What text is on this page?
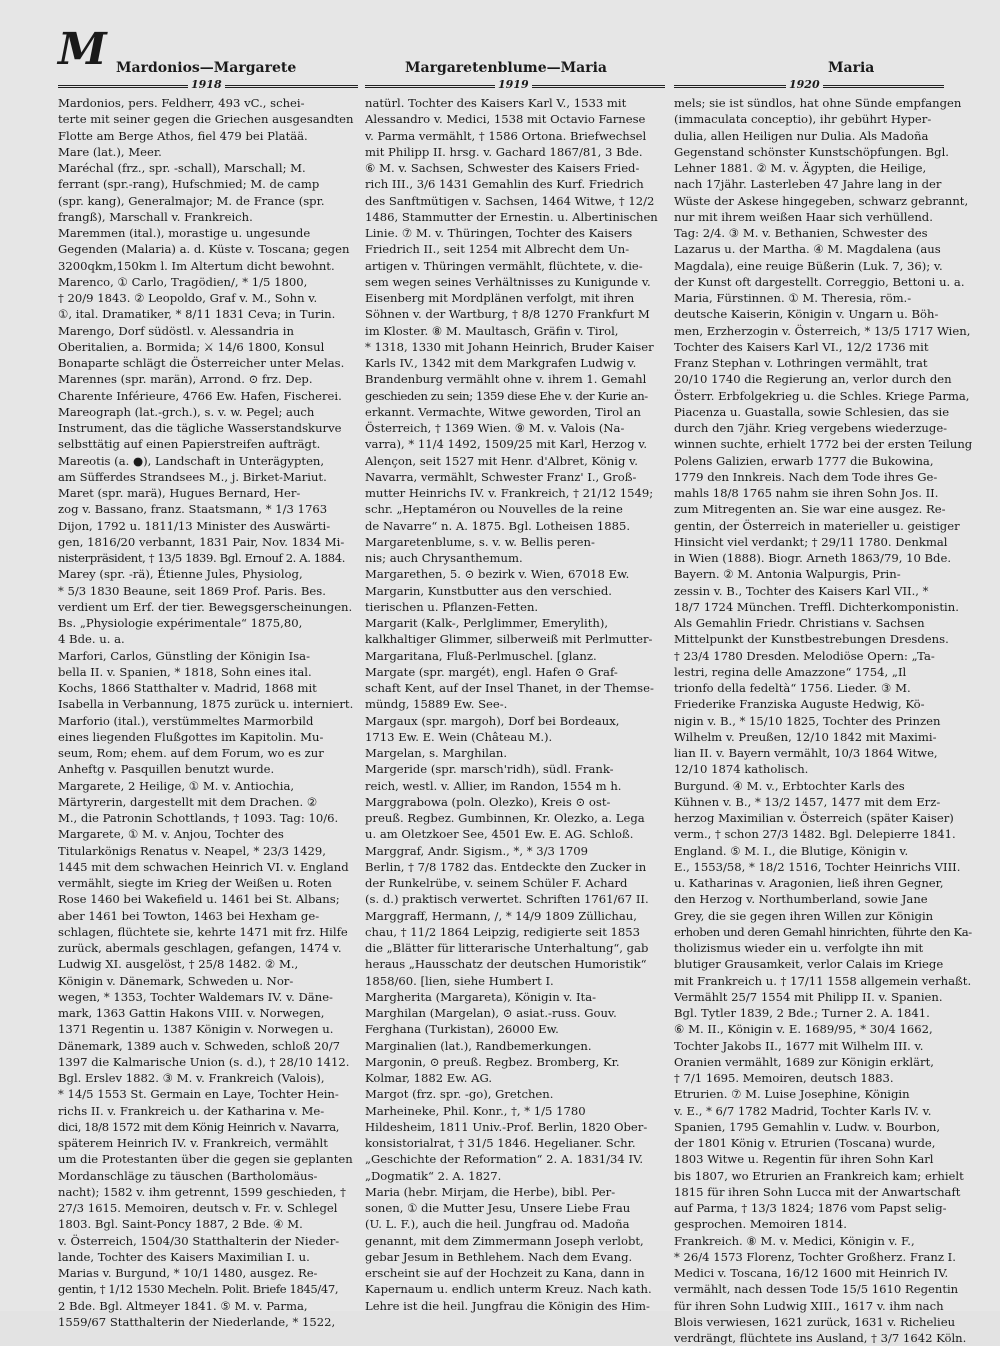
M Mardonios—Margarete	Margaretenblume—Maria	Maria
1918	1919	1920

Mardonios, pers. Feldherr, 493 vC., schei-

terte mit seiner gegen die Griechen ausgesandten

Flotte am Berge Athos, fiel 479 bei Platää.

Mare (lat.), Meer.

Maréchal (frz., spr. -schall), Marschall; M.

ferrant (spr.-rang), Hufschmied; M. de camp

(spr. kang), Generalmajor; M. de France (spr.

frangß), Marschall v. Frankreich.

Maremmen (ital.), morastige u. ungesunde

Gegenden (Malaria) a. d. Küste v. Toscana; gegen

3200qkm,150km l. Im Altertum dicht bewohnt.

Marenco, ① Carlo, Tragödien/, * 1/5 1800,

† 20/9 1843. ② Leopoldo, Graf v. M., Sohn v.

①, ital. Dramatiker, * 8/11 1831 Ceva; in Turin.

Marengo, Dorf südöstl. v. Alessandria in

Oberitalien, a. Bormida; ⚔ 14/6 1800, Konsul

Bonaparte schlägt die Österreicher unter Melas.

Marennes (spr. marän), Arrond. ⊙ frz. Dep.

Charente Inférieure, 4766 Ew. Hafen, Fischerei.

Mareograph (lat.-grch.), s. v. w. Pegel; auch

Instrument, das die tägliche Wasserstandskurve

selbsttätig auf einen Papierstreifen aufträgt.

Mareotis (a. ●), Landschaft in Unterägypten,

am Süfferdes Strandsees M., j. Birket-Mariut.

Maret (spr. marä), Hugues Bernard, Her-

zog v. Bassano, franz. Staatsmann, * 1/3 1763

Dijon, 1792 u. 1811/13 Minister des Auswärti-

gen, 1816/20 verbannt, 1831 Pair, Nov. 1834 Mi-

nisterpräsident, † 13/5 1839. Bgl. Ernouf 2. A. 1884.

Marey (spr. -rä), Étienne Jules, Physiolog,

* 5/3 1830 Beaune, seit 1869 Prof. Paris. Bes.

verdient um Erf. der tier. Bewegsgerscheinungen.

Bs. „Physiologie expérimentale“ 1875,80,

4 Bde. u. a.

Marfori, Carlos, Günstling der Königin Isa-

bella II. v. Spanien, * 1818, Sohn eines ital.

Kochs, 1866 Statthalter v. Madrid, 1868 mit

Isabella in Verbannung, 1875 zurück u. interniert.

Marforio (ital.), verstümmeltes Marmorbild

eines liegenden Flußgottes im Kapitolin. Mu-

seum, Rom; ehem. auf dem Forum, wo es zur

Anheftg v. Pasquillen benutzt wurde.

Margarete, 2 Heilige, ① M. v. Antiochia,

Märtyrerin, dargestellt mit dem Drachen. ②

M., die Patronin Schottlands, † 1093. Tag: 10/6.

Margarete, ① M. v. Anjou, Tochter des

Titularkönigs Renatus v. Neapel, * 23/3 1429,

1445 mit dem schwachen Heinrich VI. v. England

vermählt, siegte im Krieg der Weißen u. Roten

Rose 1460 bei Wakefield u. 1461 bei St. Albans;

aber 1461 bei Towton, 1463 bei Hexham ge-

schlagen, flüchtete sie, kehrte 1471 mit frz. Hilfe

zurück, abermals geschlagen, gefangen, 1474 v.

Ludwig XI. ausgelöst, † 25/8 1482. ② M.,

Königin v. Dänemark, Schweden u. Nor-

wegen, * 1353, Tochter Waldemars IV. v. Däne-

mark, 1363 Gattin Hakons VIII. v. Norwegen,

1371 Regentin u. 1387 Königin v. Norwegen u.

Dänemark, 1389 auch v. Schweden, schloß 20/7

1397 die Kalmarische Union (s. d.), † 28/10 1412.

Bgl. Erslev 1882. ③ M. v. Frankreich (Valois),

* 14/5 1553 St. Germain en Laye, Tochter Hein-

richs II. v. Frankreich u. der Katharina v. Me-

dici, 18/8 1572 mit dem König Heinrich v. Navarra,

späterem Heinrich IV. v. Frankreich, vermählt

um die Protestanten über die gegen sie geplanten

Mordanschläge zu täuschen (Bartholomäus-

nacht); 1582 v. ihm getrennt, 1599 geschieden, †

27/3 1615. Memoiren, deutsch v. Fr. v. Schlegel

1803. Bgl. Saint-Poncy 1887, 2 Bde. ④ M.

v. Österreich, 1504/30 Statthalterin der Nieder-

lande, Tochter des Kaisers Maximilian I. u.

Marias v. Burgund, * 10/1 1480, ausgez. Re-

gentin, † 1/12 1530 Mecheln. Polit. Briefe 1845/47,

2 Bde. Bgl. Altmeyer 1841. ⑤ M. v. Parma,

1559/67 Statthalterin der Niederlande, * 1522,

natürl. Tochter des Kaisers Karl V., 1533 mit

Alessandro v. Medici, 1538 mit Octavio Farnese

v. Parma vermählt, † 1586 Ortona. Briefwechsel

mit Philipp II. hrsg. v. Gachard 1867/81, 3 Bde.

⑥ M. v. Sachsen, Schwester des Kaisers Fried-

rich III., 3/6 1431 Gemahlin des Kurf. Friedrich

des Sanftmütigen v. Sachsen, 1464 Witwe, † 12/2

1486, Stammutter der Ernestin. u. Albertinischen

Linie. ⑦ M. v. Thüringen, Tochter des Kaisers

Friedrich II., seit 1254 mit Albrecht dem Un-

artigen v. Thüringen vermählt, flüchtete, v. die-

sem wegen seines Verhältnisses zu Kunigunde v.

Eisenberg mit Mordplänen verfolgt, mit ihren

Söhnen v. der Wartburg, † 8/8 1270 Frankfurt M

im Kloster. ⑧ M. Maultasch, Gräfin v. Tirol,

* 1318, 1330 mit Johann Heinrich, Bruder Kaiser

Karls IV., 1342 mit dem Markgrafen Ludwig v.

Brandenburg vermählt ohne v. ihrem 1. Gemahl

geschieden zu sein; 1359 diese Ehe v. der Kurie an-

erkannt. Vermachte, Witwe geworden, Tirol an

Österreich, † 1369 Wien. ⑨ M. v. Valois (Na-

varra), * 11/4 1492, 1509/25 mit Karl, Herzog v.

Alençon, seit 1527 mit Henr. d'Albret, König v.

Navarra, vermählt, Schwester Franz' I., Groß-

mutter Heinrichs IV. v. Frankreich, † 21/12 1549;

schr. „Heptaméron ou Nouvelles de la reine

de Navarre“ n. A. 1875. Bgl. Lotheisen 1885.

Margaretenblume, s. v. w. Bellis peren-

nis; auch Chrysanthemum.

Margarethen, 5. ⊙ bezirk v. Wien, 67018 Ew.

Margarin, Kunstbutter aus den verschied.

tierischen u. Pflanzen-Fetten.

Margarit (Kalk-, Perlglimmer, Emerylith),

kalkhaltiger Glimmer, silberweiß mit Perlmutter-

Margaritana, Fluß-Perlmuschel. [glanz.

Margate (spr. margét), engl. Hafen ⊙ Graf-

schaft Kent, auf der Insel Thanet, in der Themse-

mündg, 15889 Ew. See-.

Margaux (spr. margoh), Dorf bei Bordeaux,

1713 Ew. E. Wein (Château M.).

Margelan, s. Marghilan.

Margeride (spr. marsch'ridh), südl. Frank-

reich, westl. v. Allier, im Randon, 1554 m h.

Marggrabowa (poln. Olezko), Kreis ⊙ ost-

preuß. Regbez. Gumbinnen, Kr. Olezko, a. Lega

u. am Oletzkoer See, 4501 Ew. E. AG. Schloß.

Marggraf, Andr. Sigism., *, * 3/3 1709

Berlin, † 7/8 1782 das. Entdeckte den Zucker in

der Runkelrübe, v. seinem Schüler F. Achard

(s. d.) praktisch verwertet. Schriften 1761/67 II.

Marggraff, Hermann, /, * 14/9 1809 Züllichau,

chau, † 11/2 1864 Leipzig, redigierte seit 1853

die „Blätter für litterarische Unterhaltung“, gab

heraus „Hausschatz der deutschen Humoristik“

1858/60. [lien, siehe Humbert I.

Margherita (Margareta), Königin v. Ita-

Marghilan (Margelan), ⊙ asiat.-russ. Gouv.

Ferghana (Turkistan), 26000 Ew.

Marginalien (lat.), Randbemerkungen.

Margonin, ⊙ preuß. Regbez. Bromberg, Kr.

Kolmar, 1882 Ew. AG.

Margot (frz. spr. -go), Gretchen.

Marheineke, Phil. Konr., †, * 1/5 1780

Hildesheim, 1811 Univ.-Prof. Berlin, 1820 Ober-

konsistorialrat, † 31/5 1846. Hegelianer. Schr.

„Geschichte der Reformation“ 2. A. 1831/34 IV.

„Dogmatik“ 2. A. 1827.

Maria (hebr. Mirjam, die Herbe), bibl. Per-

sonen, ① die Mutter Jesu, Unsere Liebe Frau

(U. L. F.), auch die heil. Jungfrau od. Madoña

genannt, mit dem Zimmermann Joseph verlobt,

gebar Jesum in Bethlehem. Nach dem Evang.

erscheint sie auf der Hochzeit zu Kana, dann in

Kapernaum u. endlich unterm Kreuz. Nach kath.

Lehre ist die heil. Jungfrau die Königin des Him-

mels; sie ist sündlos, hat ohne Sünde empfangen

(immaculata conceptio), ihr gebührt Hyper-

dulia, allen Heiligen nur Dulia. Als Madoña

Gegenstand schönster Kunstschöpfungen. Bgl.

Lehner 1881. ② M. v. Ägypten, die Heilige,

nach 17jähr. Lasterleben 47 Jahre lang in der

Wüste der Askese hingegeben, schwarz gebrannt,

nur mit ihrem weißen Haar sich verhüllend.

Tag: 2/4. ③ M. v. Bethanien, Schwester des

Lazarus u. der Martha. ④ M. Magdalena (aus

Magdala), eine reuige Büßerin (Luk. 7, 36); v.

der Kunst oft dargestellt. Correggio, Bettoni u. a.

Maria, Fürstinnen. ① M. Theresia, röm.-

deutsche Kaiserin, Königin v. Ungarn u. Böh-

men, Erzherzogin v. Österreich, * 13/5 1717 Wien,

Tochter des Kaisers Karl VI., 12/2 1736 mit

Franz Stephan v. Lothringen vermählt, trat

20/10 1740 die Regierung an, verlor durch den

Österr. Erbfolgekrieg u. die Schles. Kriege Parma,

Piacenza u. Guastalla, sowie Schlesien, das sie

durch den 7jähr. Krieg vergebens wiederzuge-

winnen suchte, erhielt 1772 bei der ersten Teilung

Polens Galizien, erwarb 1777 die Bukowina,

1779 den Innkreis. Nach dem Tode ihres Ge-

mahls 18/8 1765 nahm sie ihren Sohn Jos. II.

zum Mitregenten an. Sie war eine ausgez. Re-

gentin, der Österreich in materieller u. geistiger

Hinsicht viel verdankt; † 29/11 1780. Denkmal

in Wien (1888). Biogr. Arneth 1863/79, 10 Bde.

Bayern. ② M. Antonia Walpurgis, Prin-

zessin v. B., Tochter des Kaisers Karl VII., *

18/7 1724 München. Treffl. Dichterkomponistin.

Als Gemahlin Friedr. Christians v. Sachsen

Mittelpunkt der Kunstbestrebungen Dresdens.

† 23/4 1780 Dresden. Melodiöse Opern: „Ta-

lestri, regina delle Amazzone“ 1754, „Il

trionfo della fedeltà“ 1756. Lieder. ③ M.

Friederike Franziska Auguste Hedwig, Kö-

nigin v. B., * 15/10 1825, Tochter des Prinzen

Wilhelm v. Preußen, 12/10 1842 mit Maximi-

lian II. v. Bayern vermählt, 10/3 1864 Witwe,

12/10 1874 katholisch.

Burgund. ④ M. v., Erbtochter Karls des

Kühnen v. B., * 13/2 1457, 1477 mit dem Erz-

herzog Maximilian v. Österreich (später Kaiser)

verm., † schon 27/3 1482. Bgl. Delepierre 1841.

England. ⑤ M. I., die Blutige, Königin v.

E., 1553/58, * 18/2 1516, Tochter Heinrichs VIII.

u. Katharinas v. Aragonien, ließ ihren Gegner,

den Herzog v. Northumberland, sowie Jane

Grey, die sie gegen ihren Willen zur Königin

erhoben und deren Gemahl hinrichten, führte den Ka-

tholizismus wieder ein u. verfolgte ihn mit

blutiger Grausamkeit, verlor Calais im Kriege

mit Frankreich u. † 17/11 1558 allgemein verhaßt.

Vermählt 25/7 1554 mit Philipp II. v. Spanien.

Bgl. Tytler 1839, 2 Bde.; Turner 2. A. 1841.

⑥ M. II., Königin v. E. 1689/95, * 30/4 1662,

Tochter Jakobs II., 1677 mit Wilhelm III. v.

Oranien vermählt, 1689 zur Königin erklärt,

† 7/1 1695. Memoiren, deutsch 1883.

Etrurien. ⑦ M. Luise Josephine, Königin

v. E., * 6/7 1782 Madrid, Tochter Karls IV. v.

Spanien, 1795 Gemahlin v. Ludw. v. Bourbon,

der 1801 König v. Etrurien (Toscana) wurde,

1803 Witwe u. Regentin für ihren Sohn Karl

bis 1807, wo Etrurien an Frankreich kam; erhielt

1815 für ihren Sohn Lucca mit der Anwartschaft

auf Parma, † 13/3 1824; 1876 vom Papst selig-

gesprochen. Memoiren 1814.

Frankreich. ⑧ M. v. Medici, Königin v. F.,

* 26/4 1573 Florenz, Tochter Großherz. Franz I.

Medici v. Toscana, 16/12 1600 mit Heinrich IV.

vermählt, nach dessen Tode 15/5 1610 Regentin

für ihren Sohn Ludwig XIII., 1617 v. ihm nach

Blois verwiesen, 1621 zurück, 1631 v. Richelieu

verdrängt, flüchtete ins Ausland, † 3/7 1642 Köln.
